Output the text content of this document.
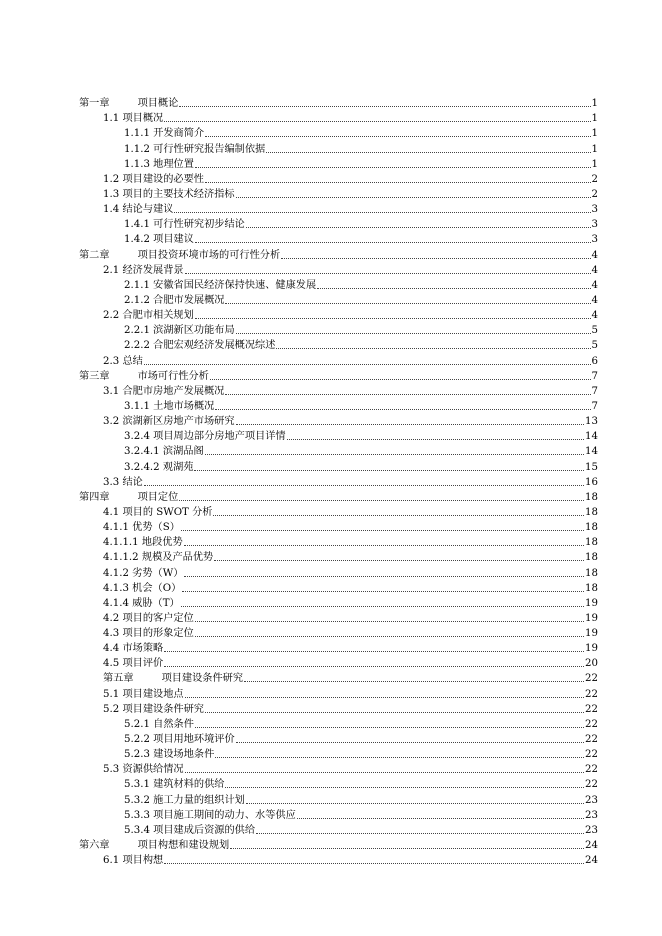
第一章	项目概论	1
1.1 项目概况	1
1.1.1 开发商简介	1
1.1.2 可行性研究报告编制依据	1
1.1.3 地理位置	1
1.2 项目建设的必要性	2
1.3 项目的主要技术经济指标	2
1.4 结论与建议	3
1.4.1 可行性研究初步结论	3
1.4.2 项目建议	3
第二章	项目投资环境市场的可行性分析	4
2.1 经济发展背景	4
2.1.1 安徽省国民经济保持快速、健康发展	4
2.1.2 合肥市发展概况	4
2.2 合肥市相关规划	4
2.2.1 滨湖新区功能布局	5
2.2.2 合肥宏观经济发展概况综述	5
2.3 总结	6
第三章	市场可行性分析	7
3.1 合肥市房地产发展概况	7
3.1.1 土地市场概况	7
3.2 滨湖新区房地产市场研究	13
3.2.4 项目周边部分房地产项目详情	14
3.2.4.1 滨湖品阁	14
3.2.4.2 观湖苑	15
3.3 结论	16
第四章	项目定位	18
4.1 项目的 SWOT 分析	18
4.1.1 优势（S）	18
4.1.1.1 地段优势	18
4.1.1.2 规模及产品优势	18
4.1.2 劣势（W）	18
4.1.3 机会（O）	18
4.1.4 威胁（T）	19
4.2 项目的客户定位	19
4.3 项目的形象定位	19
4.4 市场策略	19
4.5 项目评价	20
第五章	项目建设条件研究	22
5.1 项目建设地点	22
5.2 项目建设条件研究	22
5.2.1 自然条件	22
5.2.2 项目用地环境评价	22
5.2.3 建设场地条件	22
5.3 资源供给情况	22
5.3.1 建筑材料的供给	22
5.3.2 施工力量的组织计划	23
5.3.3 项目施工期间的动力、水等供应	23
5.3.4 项目建成后资源的供给	23
第六章	项目构想和建设规划	24
6.1 项目构想	24
